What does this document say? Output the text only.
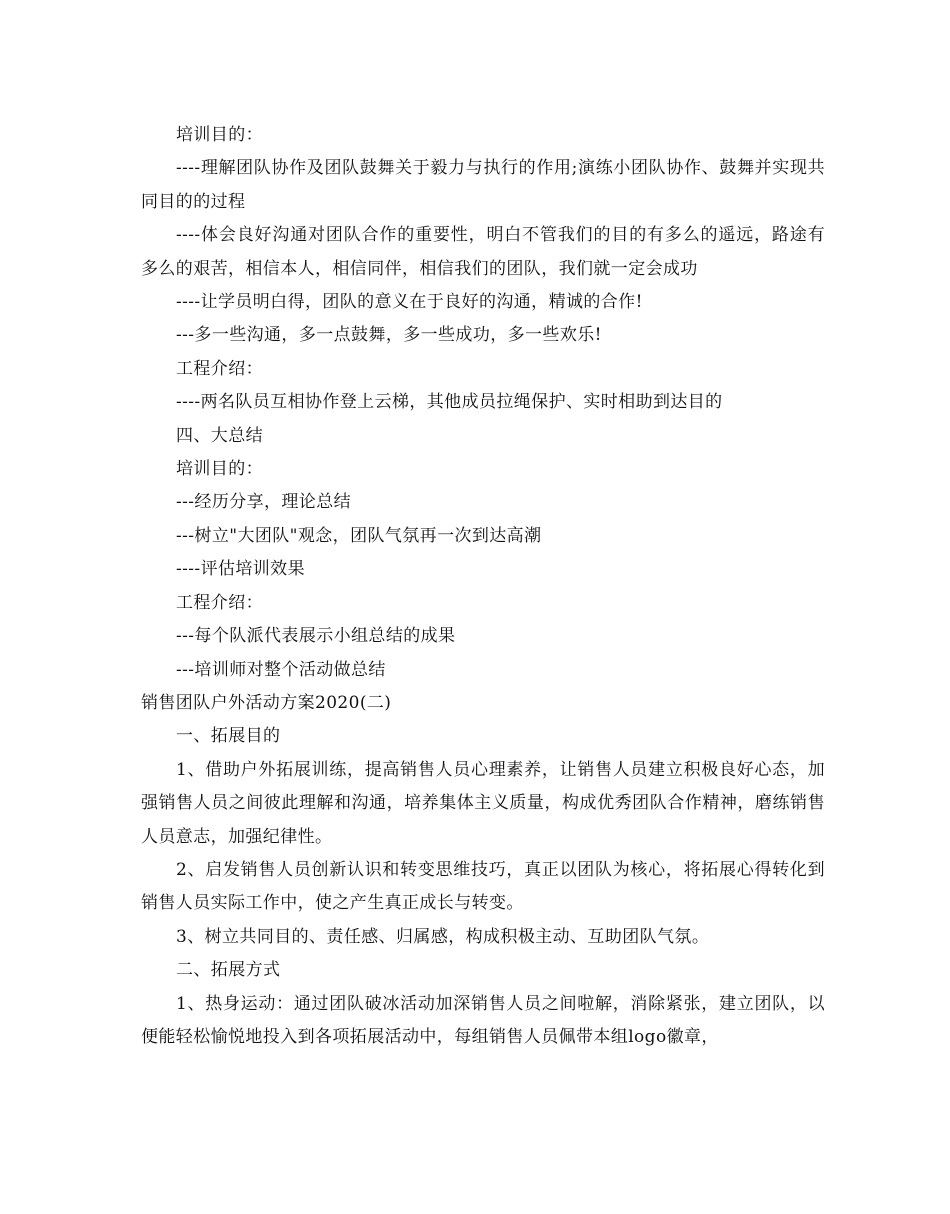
培训目的：

----理解团队协作及团队鼓舞关于毅力与执行的作用;演练小团队协作、鼓舞并实现共同目的的过程

----体会良好沟通对团队合作的重要性，明白不管我们的目的有多么的遥远，路途有多么的艰苦，相信本人，相信同伴，相信我们的团队，我们就一定会成功

----让学员明白得，团队的意义在于良好的沟通，精诚的合作!

---多一些沟通，多一点鼓舞，多一些成功，多一些欢乐!

工程介绍：

----两名队员互相协作登上云梯，其他成员拉绳保护、实时相助到达目的

四、大总结

培训目的：

---经历分享，理论总结

---树立"大团队"观念，团队气氛再一次到达高潮

----评估培训效果

工程介绍：

---每个队派代表展示小组总结的成果

---培训师对整个活动做总结

销售团队户外活动方案2020(二)

一、拓展目的

1、借助户外拓展训练，提高销售人员心理素养，让销售人员建立积极良好心态，加强销售人员之间彼此理解和沟通，培养集体主义质量，构成优秀团队合作精神，磨练销售人员意志，加强纪律性。

2、启发销售人员创新认识和转变思维技巧，真正以团队为核心，将拓展心得转化到销售人员实际工作中，使之产生真正成长与转变。

3、树立共同目的、责任感、归属感，构成积极主动、互助团队气氛。

二、拓展方式

1、热身运动：通过团队破冰活动加深销售人员之间啦解，消除紧张，建立团队，以便能轻松愉悦地投入到各项拓展活动中，每组销售人员佩带本组logo徽章，
